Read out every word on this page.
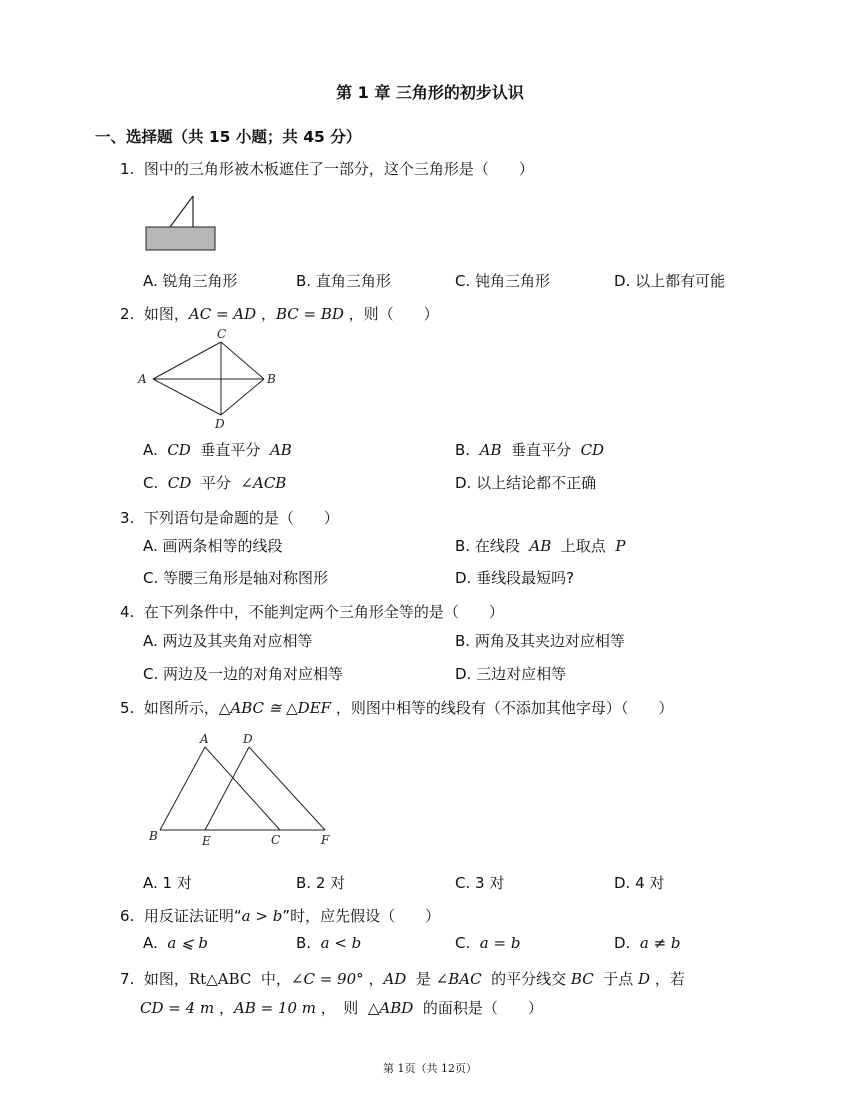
第 1 章 三角形的初步认识
一、选择题（共 15 小题；共 45 分）
1. 图中的三角形被木板遮住了一部分，这个三角形是（　　）
A. 锐角三角形	B. 直角三角形	C. 钝角三角形	D. 以上都有可能
2. 如图，AC = AD ，BC = BD ，则（　　）
C
A	B
D
A. CD 垂直平分 AB	B. AB 垂直平分 CD
C. CD 平分 ∠ACB	D. 以上结论都不正确
3. 下列语句是命题的是（　　）
A. 画两条相等的线段	B. 在线段 AB 上取点 P
C. 等腰三角形是轴对称图形	D. 垂线段最短吗?
4. 在下列条件中，不能判定两个三角形全等的是（　　）
A. 两边及其夹角对应相等	B. 两角及其夹边对应相等
C. 两边及一边的对角对应相等	D. 三边对应相等
5. 如图所示，△ABC ≅ △DEF ，则图中相等的线段有（不添加其他字母）（　　）
A	D
B	E	C	F
A. 1 对	B. 2 对	C. 3 对	D. 4 对
6. 用反证法证明“a > b”时，应先假设（　　）
A. a ⩽ b	B. a < b	C. a = b	D. a ≠ b
7. 如图，Rt△ABC 中，∠C = 90° ，AD 是 ∠BAC 的平分线交 BC 于点 D ，若
CD = 4 m ，AB = 10 m ，　则 △ABD 的面积是（　　）
第 1页（共 12页）
